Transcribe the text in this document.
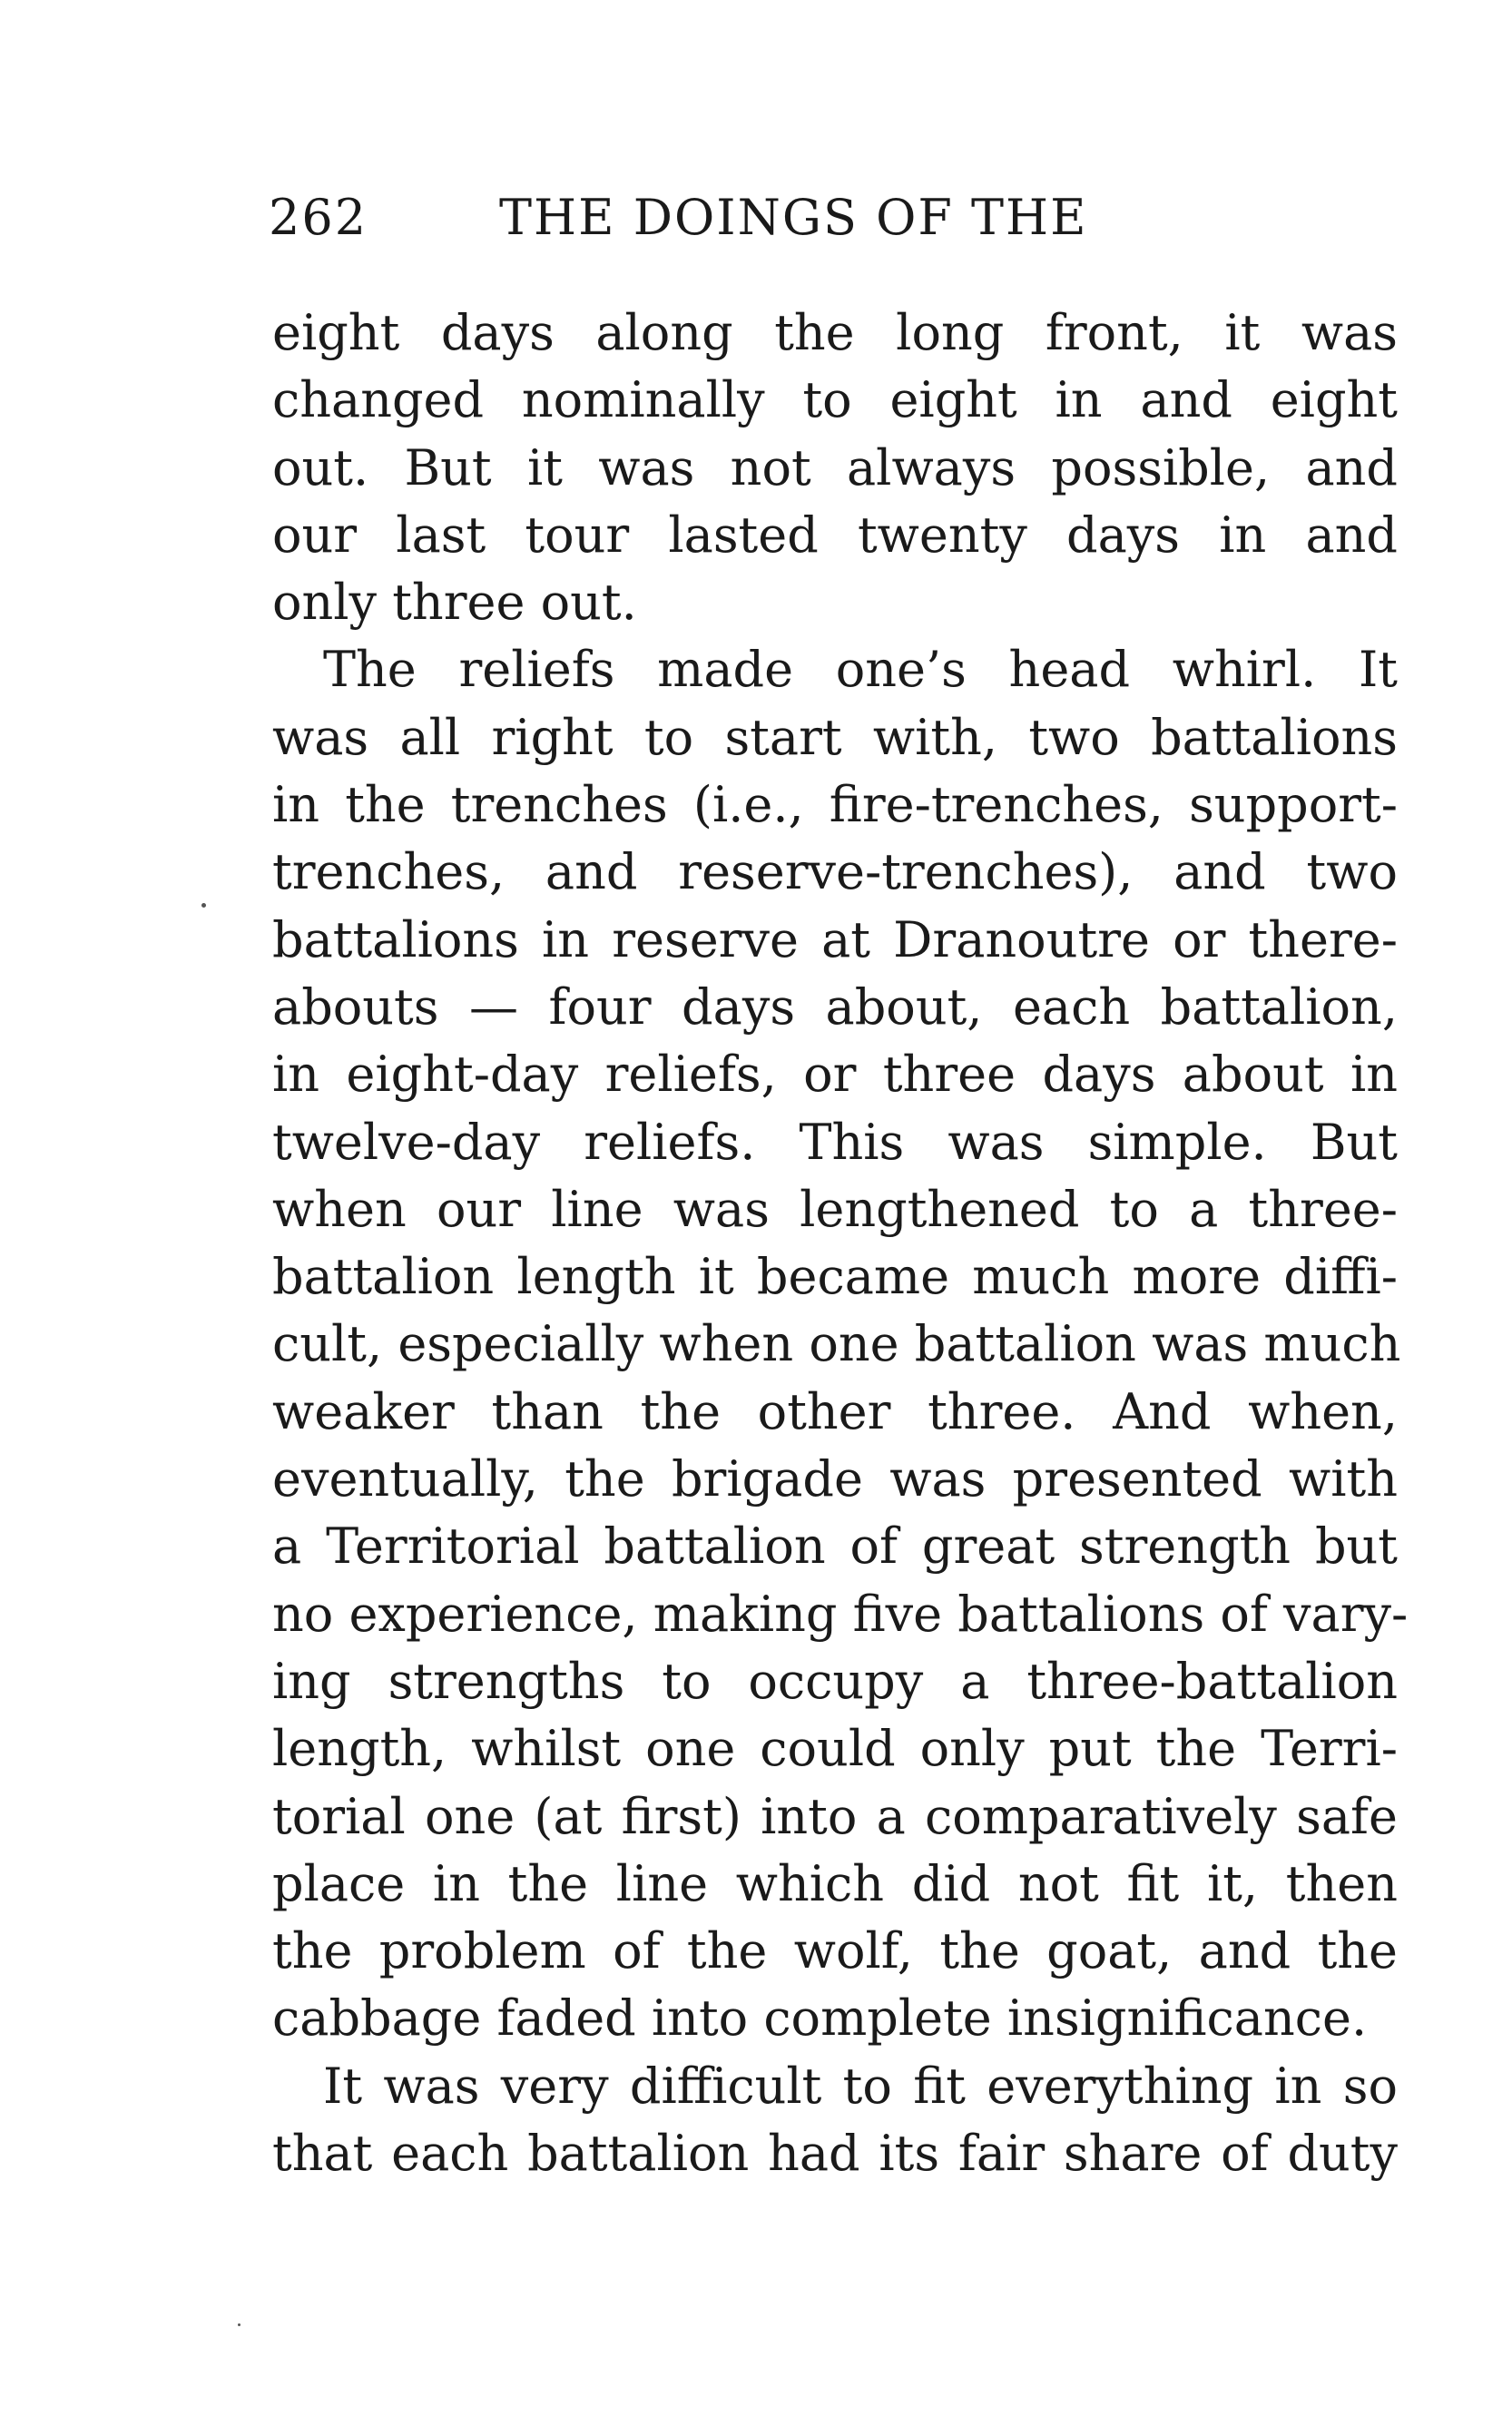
262	THE DOINGS OF THE
eight days along the long front, it was
changed nominally to eight in and eight
out. But it was not always possible, and
our last tour lasted twenty days in and
only three out.
The reliefs made one’s head whirl. It
was all right to start with, two battalions
in the trenches (i.e., fire-trenches, support-
trenches, and reserve-trenches), and two
battalions in reserve at Dranoutre or there-
abouts — four days about, each battalion,
in eight-day reliefs, or three days about in
twelve-day reliefs. This was simple. But
when our line was lengthened to a three-
battalion length it became much more diffi-
cult, especially when one battalion was much
weaker than the other three. And when,
eventually, the brigade was presented with
a Territorial battalion of great strength but
no experience, making five battalions of vary-
ing strengths to occupy a three-battalion
length, whilst one could only put the Terri-
torial one (at first) into a comparatively safe
place in the line which did not fit it, then
the problem of the wolf, the goat, and the
cabbage faded into complete insignificance.
It was very difficult to fit everything in so
that each battalion had its fair share of duty
